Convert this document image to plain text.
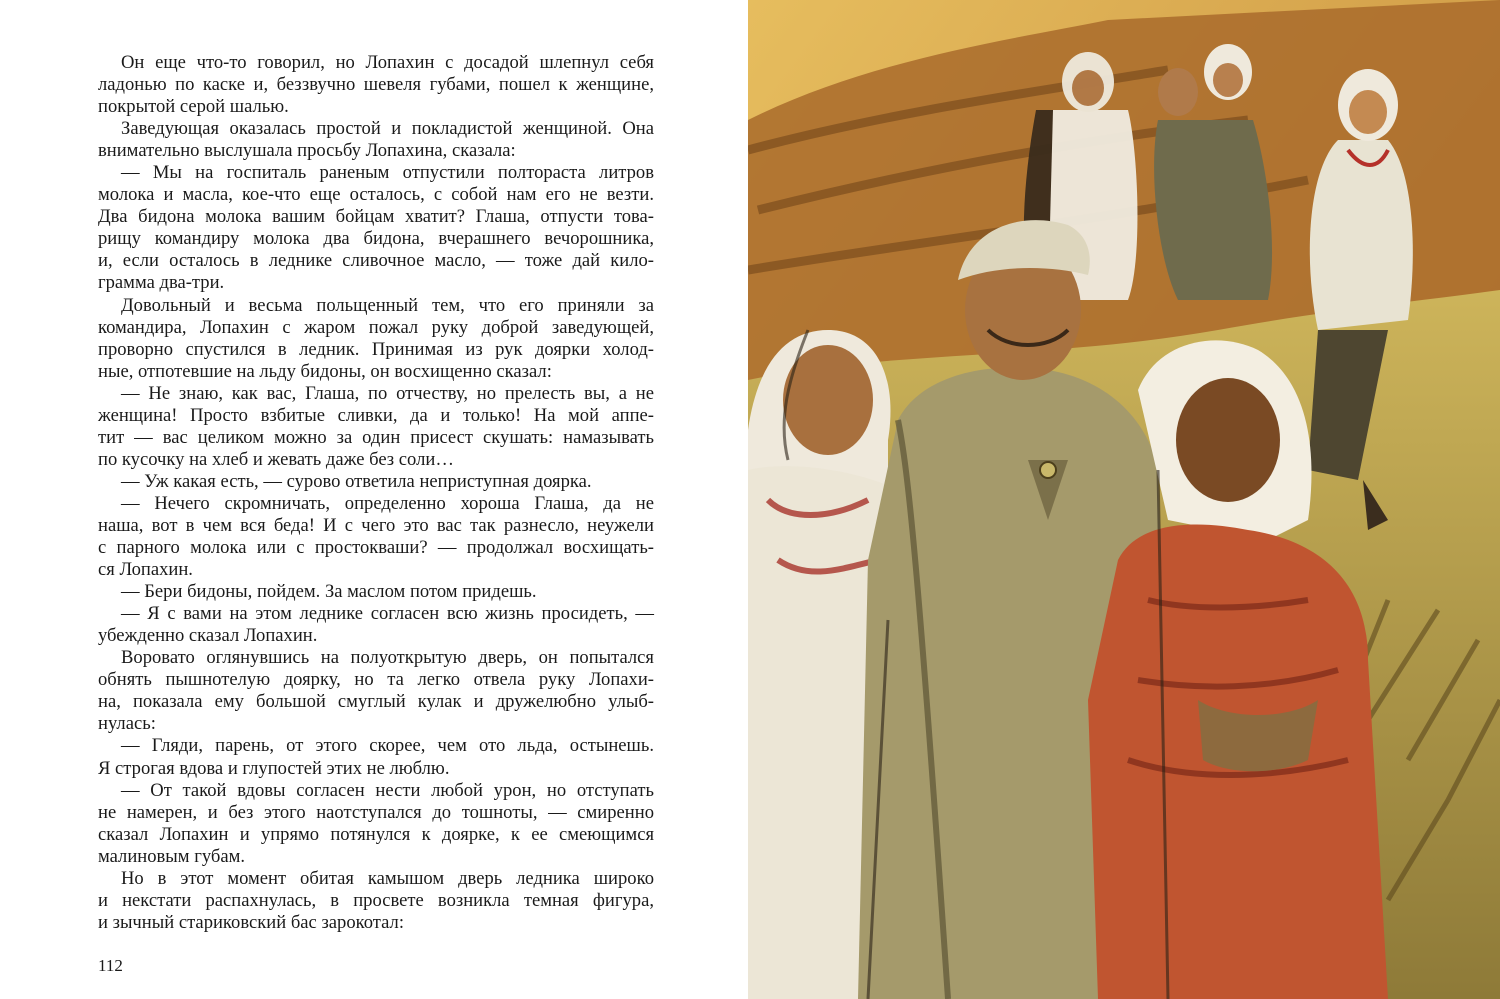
Он еще что-то говорил, но Лопахин с досадой шлепнул себя
ладонью по каске и, беззвучно шевеля губами, пошел к женщине,
покрытой серой шалью.
Заведующая оказалась простой и покладистой женщиной. Она
внимательно выслушала просьбу Лопахина, сказала:
— Мы на госпиталь раненым отпустили полтораста литров
молока и масла, кое-что еще осталось, с собой нам его не везти.
Два бидона молока вашим бойцам хватит? Глаша, отпусти това-
рищу командиру молока два бидона, вчерашнего вечорошника,
и, если осталось в леднике сливочное масло, — тоже дай кило-
грамма два-три.
Довольный и весьма польщенный тем, что его приняли за
командира, Лопахин с жаром пожал руку доброй заведующей,
проворно спустился в ледник. Принимая из рук доярки холод-
ные, отпотевшие на льду бидоны, он восхищенно сказал:
— Не знаю, как вас, Глаша, по отчеству, но прелесть вы, а не
женщина! Просто взбитые сливки, да и только! На мой аппе-
тит — вас целиком можно за один присест скушать: намазывать
по кусочку на хлеб и жевать даже без соли…
— Уж какая есть, — сурово ответила неприступная доярка.
— Нечего скромничать, определенно хороша Глаша, да не
наша, вот в чем вся беда! И с чего это вас так разнесло, неужели
с парного молока или с простокваши? — продолжал восхищать-
ся Лопахин.
— Бери бидоны, пойдем. За маслом потом придешь.
— Я с вами на этом леднике согласен всю жизнь просидеть, —
убежденно сказал Лопахин.
Воровато оглянувшись на полуоткрытую дверь, он попытался
обнять пышнотелую доярку, но та легко отвела руку Лопахи-
на, показала ему большой смуглый кулак и дружелюбно улыб-
нулась:
— Гляди, парень, от этого скорее, чем ото льда, остынешь.
Я строгая вдова и глупостей этих не люблю.
— От такой вдовы согласен нести любой урон, но отступать
не намерен, и без этого наотступался до тошноты, — смиренно
сказал Лопахин и упрямо потянулся к доярке, к ее смеющимся
малиновым губам.
Но в этот момент обитая камышом дверь ледника широко
и некстати распахнулась, в просвете возникла темная фигура,
и зычный стариковский бас зарокотал:
112
